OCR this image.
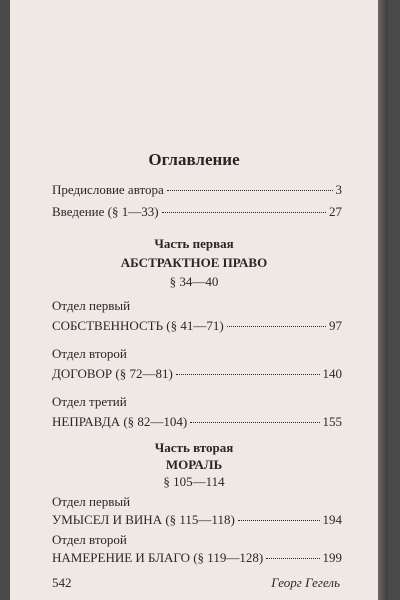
Оглавление
Предисловие автора	3
Введение (§ 1—33)	27
Часть первая
АБСТРАКТНОЕ ПРАВО
§ 34—40
Отдел первый
СОБСТВЕННОСТЬ (§ 41—71)	97
Отдел второй
ДОГОВОР (§ 72—81)	140
Отдел третий
НЕПРАВДА (§ 82—104)	155
Часть вторая
МОРАЛЬ
§ 105—114
Отдел первый
УМЫСЕЛ И ВИНА (§ 115—118)	194
Отдел второй
НАМЕРЕНИЕ И БЛАГО (§ 119—128)	199
542	Георг Гегель
